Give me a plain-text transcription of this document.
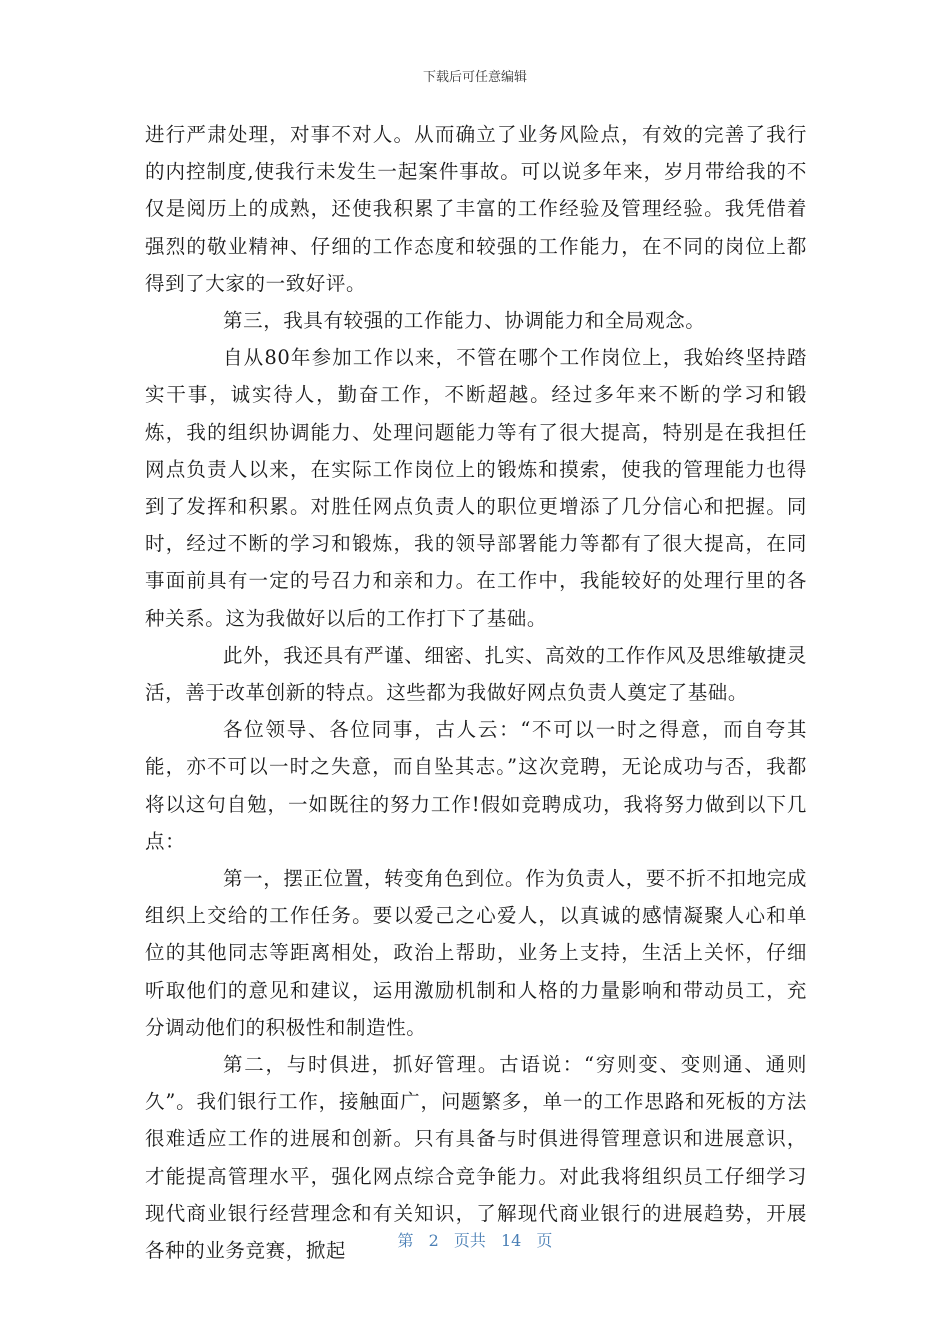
下载后可任意编辑

进行严肃处理，对事不对人。从而确立了业务风险点，有效的完善了我行的内控制度,使我行未发生一起案件事故。可以说多年来，岁月带给我的不仅是阅历上的成熟，还使我积累了丰富的工作经验及管理经验。我凭借着强烈的敬业精神、仔细的工作态度和较强的工作能力，在不同的岗位上都得到了大家的一致好评。

第三，我具有较强的工作能力、协调能力和全局观念。

自从80年参加工作以来，不管在哪个工作岗位上，我始终坚持踏实干事，诚实待人，勤奋工作，不断超越。经过多年来不断的学习和锻炼，我的组织协调能力、处理问题能力等有了很大提高，特别是在我担任网点负责人以来，在实际工作岗位上的锻炼和摸索，使我的管理能力也得到了发挥和积累。对胜任网点负责人的职位更增添了几分信心和把握。同时，经过不断的学习和锻炼，我的领导部署能力等都有了很大提高，在同事面前具有一定的号召力和亲和力。在工作中，我能较好的处理行里的各种关系。这为我做好以后的工作打下了基础。

此外，我还具有严谨、细密、扎实、高效的工作作风及思维敏捷灵活，善于改革创新的特点。这些都为我做好网点负责人奠定了基础。

各位领导、各位同事，古人云：“不可以一时之得意，而自夸其能，亦不可以一时之失意，而自坠其志。”这次竞聘，无论成功与否，我都将以这句自勉，一如既往的努力工作!假如竞聘成功，我将努力做到以下几点：

第一，摆正位置，转变角色到位。作为负责人，要不折不扣地完成组织上交给的工作任务。要以爱己之心爱人，以真诚的感情凝聚人心和单位的其他同志等距离相处，政治上帮助，业务上支持，生活上关怀，仔细听取他们的意见和建议，运用激励机制和人格的力量影响和带动员工，充分调动他们的积极性和制造性。

第二，与时俱进，抓好管理。古语说：“穷则变、变则通、通则久”。我们银行工作，接触面广，问题繁多，单一的工作思路和死板的方法很难适应工作的进展和创新。只有具备与时俱进得管理意识和进展意识，才能提高管理水平，强化网点综合竞争能力。对此我将组织员工仔细学习现代商业银行经营理念和有关知识，了解现代商业银行的进展趋势，开展各种的业务竞赛，掀起	第 2 页共 14 页
